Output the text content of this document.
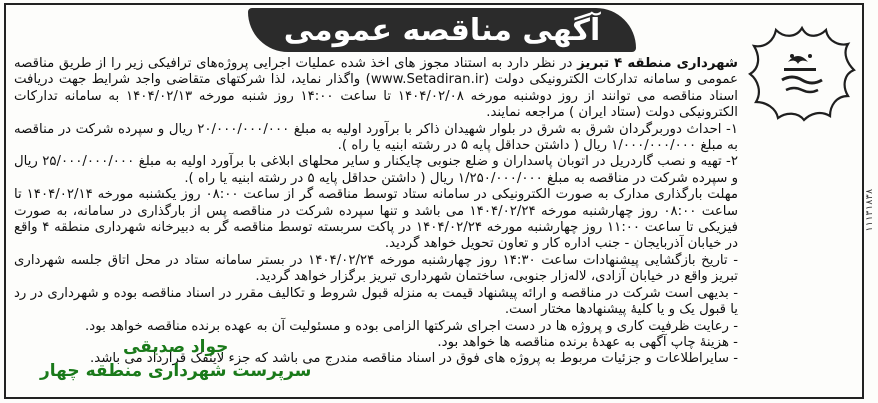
۱۱۱۳۱۸۳۸
آگهی مناقصه عمومی

شهرداری منطقه ۴ تبریز در نظر دارد به استناد مجوز های اخذ شده عملیات اجرایی پروژه‌های ترافیکی زیر را از طریق مناقصه عمومی و سامانه تدارکات الکترونیکی دولت (www.Setadiran.ir) واگذار نماید، لذا شرکتهای متقاضی واجد شرایط جهت دریافت اسناد مناقصه می توانند از روز دوشنبه مورخه ۱۴۰۴/۰۲/۰۸ تا ساعت ۱۴:۰۰ روز شنبه مورخه ۱۴۰۴/۰۲/۱۳ به سامانه تدارکات الکترونیکی دولت (ستاد ایران ) مراجعه نمایند.

۱- احداث دوربرگردان شرق به شرق در بلوار شهیدان ذاکر با برآورد اولیه به مبلغ ۲۰/۰۰۰/۰۰۰/۰۰۰ ریال و سپرده شرکت در مناقصه به مبلغ ۱/۰۰۰/۰۰۰/۰۰۰ ریال ( داشتن حداقل پایه ۵ در رشته ابنیه یا راه ).

۲- تهیه و نصب گاردریل در اتوبان پاسداران و ضلع جنوبی چایکنار و سایر محلهای ابلاغی با برآورد اولیه به مبلغ ۲۵/۰۰۰/۰۰۰/۰۰۰ ریال و سپرده شرکت در مناقصه به مبلغ ۱/۲۵۰/۰۰۰/۰۰۰ ریال ( داشتن حداقل پایه ۵ در رشته ابنیه یا راه ).

مهلت بارگذاری مدارک به صورت الکترونیکی در سامانه ستاد توسط مناقصه گر از ساعت ۰۸:۰۰ روز یکشنبه مورخه ۱۴۰۴/۰۲/۱۴ تا ساعت ۰۸:۰۰ روز چهارشنبه مورخه ۱۴۰۴/۰۲/۲۴ می باشد و تنها سپرده شرکت در مناقصه پس از بارگذاری در سامانه، به صورت فیزیکی تا ساعت ۱۱:۰۰ روز چهارشنبه مورخه ۱۴۰۴/۰۲/۲۴ در پاکت سربسته توسط مناقصه گر به دبیرخانه شهرداری منطقه ۴ واقع در خیابان آذربایجان - جنب اداره کار و تعاون تحویل خواهد گردید.

- تاریخ بازگشایی پیشنهادات ساعت ۱۴:۳۰ روز چهارشنبه مورخه ۱۴۰۴/۰۲/۲۴ در بستر سامانه ستاد در محل اتاق جلسه شهرداری تبریز واقع در خیابان آزادی، لاله‌زار جنوبی، ساختمان شهرداری تبریز برگزار خواهد گردید.

- بدیهی است شرکت در مناقصه و ارائه پیشنهاد قیمت به منزله قبول شروط و تکالیف مقرر در اسناد مناقصه بوده و شهرداری در رد یا قبول یک و یا کلیهٔ پیشنهادها مختار است.

- رعایت ظرفیت کاری و پروژه ها در دست اجرای شرکتها الزامی بوده و مسئولیت آن به عهده برنده مناقصه خواهد بود.

- هزینهٔ چاپ آگهی به عهدهٔ برنده مناقصه ها خواهد بود.

- سایراطلاعات و جزئیات مربوط به پروژه های فوق در اسناد مناقصه مندرج می باشد که جزء لاینفک قرارداد می باشد.

جواد صدیقی
سرپرست شهرداری منطقه چهار
